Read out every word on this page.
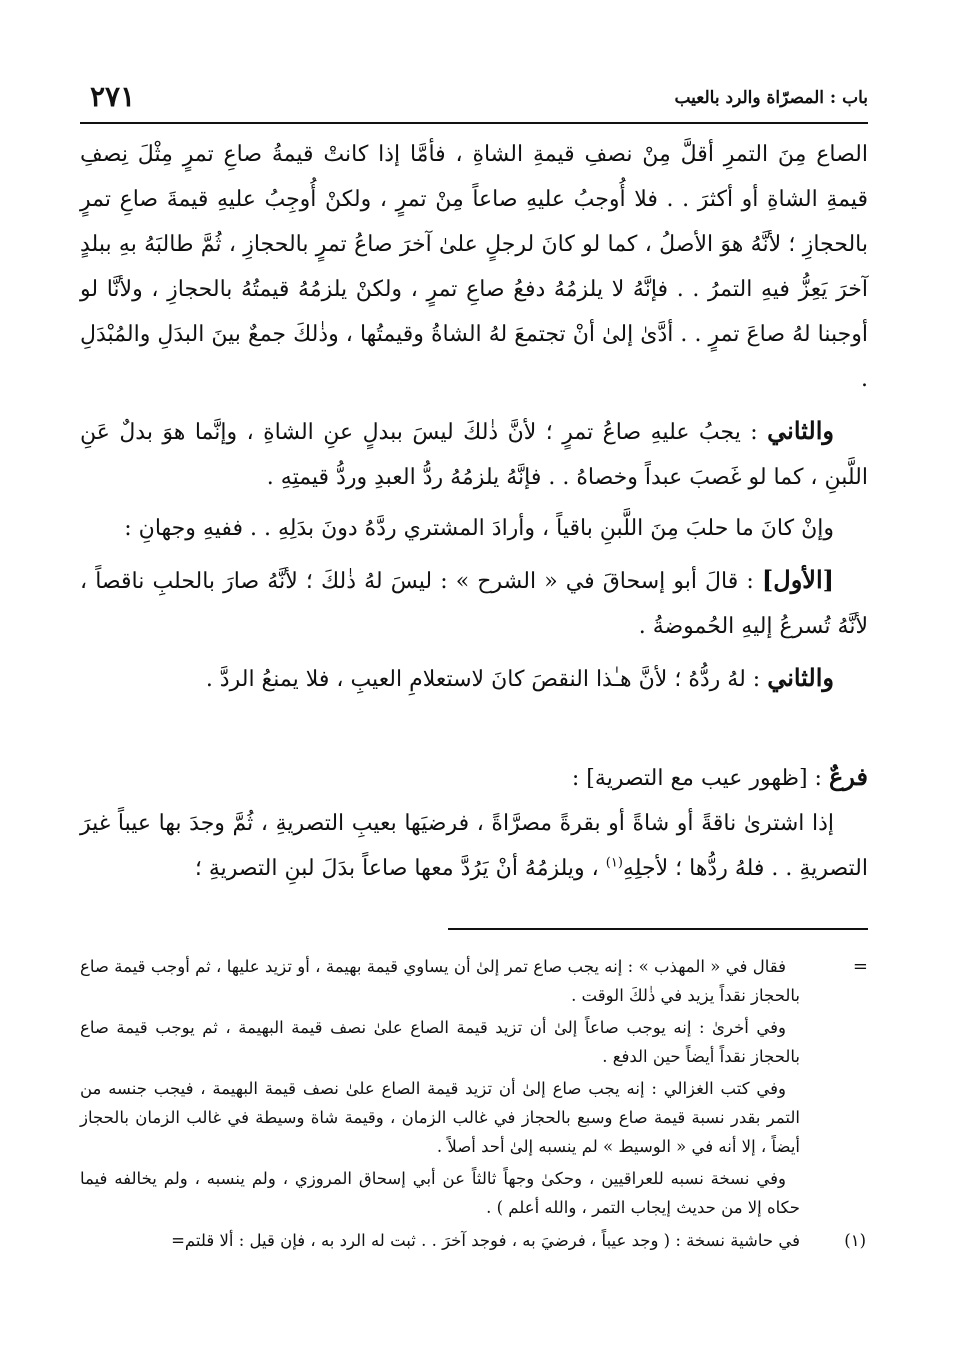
باب : المصرّاة والرد بالعيب
٢٧١

الصاع مِنَ التمرِ أقلَّ مِنْ نصفِ قيمةِ الشاةِ ، فأمَّا إذا كانتْ قيمةُ صاعِ تمرٍ مِثْلَ نِصفِ قيمةِ الشاةِ أو أكثرَ . . فلا أُوجبُ عليهِ صاعاً مِنْ تمرٍ ، ولكنْ أُوجِبُ عليهِ قيمةَ صاعِ تمرٍ بالحجازِ ؛ لأنَّهُ هوَ الأصلُ ، كما لو كانَ لرجلٍ علىٰ آخرَ صاعُ تمرٍ بالحجازِ ، ثُمَّ طالبَهُ بهِ ببلدٍ آخرَ يَعِزُّ فيهِ التمرُ . . فإنَّهُ لا يلزمُهُ دفعُ صاعِ تمرٍ ، ولكنْ يلزمُهُ قيمتُهُ بالحجازِ ، ولأنَّا لو أوجبنا لهُ صاعَ تمرٍ . . أدَّىٰ إلىٰ أنْ تجتمعَ لهُ الشاةُ وقيمتُها ، وذٰلكَ جمعٌ بينَ البدَلِ والمُبْدَلِ .

والثاني : يجبُ عليهِ صاعُ تمرٍ ؛ لأنَّ ذٰلكَ ليسَ ببدلٍ عنِ الشاةِ ، وإنَّما هوَ بدلٌ عَنِ اللَّبنِ ، كما لو غَصبَ عبداً وخصاهُ . . فإنَّهُ يلزمُهُ ردُّ العبدِ وردُّ قيمتِهِ .

وإنْ كانَ ما حلبَ مِنَ اللَّبنِ باقياً ، وأرادَ المشتري ردَّهُ دونَ بدَلِهِ . . ففيهِ وجهانِ :

[الأول] : قالَ أبو إسحاقَ في « الشرح » : ليسَ لهُ ذٰلكَ ؛ لأنَّهُ صارَ بالحلبِ ناقصاً ، لأنَّهُ تُسرعُ إليهِ الحُموضةُ .

والثاني : لهُ ردُّهُ ؛ لأنَّ هـٰذا النقصَ كانَ لاستعلامِ العيبِ ، فلا يمنعُ الردَّ .

فرعٌ : [ظهور عيب مع التصرية] :

إذا اشترىٰ ناقةً أو شاةً أو بقرةً مصرَّاةً ، فرضيَها بعيبِ التصريةِ ، ثُمَّ وجدَ بها عيباً غيرَ التصريةِ . . فلهُ ردُّها ؛ لأجلِهِ$^{(١)}$ ، ويلزمُهُ أنْ يَرُدَّ معها صاعاً بدَلَ لبنِ التصريةِ ؛

=

فقال في « المهذب » : إنه يجب صاع تمر إلىٰ أن يساوي قيمة بهيمة ، أو تزيد عليها ، ثم أوجب قيمة صاع بالحجاز نقداً يزيد في ذٰلكَ الوقت .

وفي أخرىٰ : إنه يوجب صاعاً إلىٰ أن تزيد قيمة الصاع علىٰ نصف قيمة البهيمة ، ثم يوجب قيمة صاع بالحجاز نقداً أيضاً حين الدفع .

وفي كتب الغزالي : إنه يجب صاع إلىٰ أن تزيد قيمة الصاع علىٰ نصف قيمة البهيمة ، فيجب جنسه من التمر بقدر نسبة قيمة صاع وسبع بالحجاز في غالب الزمان ، وقيمة شاة وسيطة في غالب الزمان بالحجاز أيضاً ، إلا أنه في « الوسيط » لم ينسبه إلىٰ أحد أصلاً .

وفي نسخة نسبه للعراقيين ، وحكىٰ وجهاً ثالثاً عن أبي إسحاق المروزي ، ولم ينسبه ، ولم يخالفه فيما حكاه إلا من حديث إيجاب التمر ، والله أعلم ) .

(١)
في حاشية نسخة : ( وجد عيباً ، فرضيَ به ، فوجد آخرَ . . ثبت له الرد به ، فإن قيل : ألا قلتم=
